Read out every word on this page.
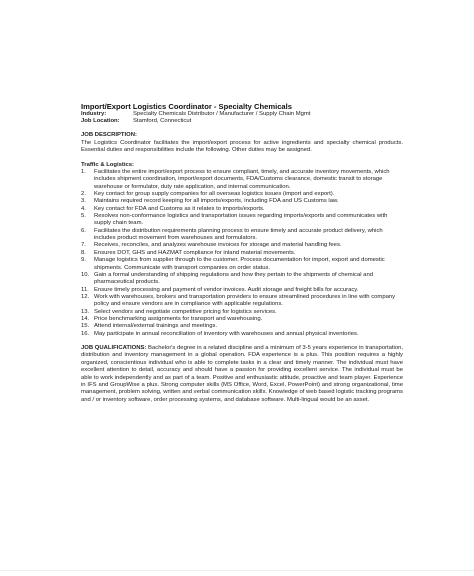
Import/Export Logistics Coordinator - Specialty Chemicals
Industry:	Specialty Chemicals Distributor / Manufacturer / Supply Chain Mgmt
Job Location:	Stamford, Connecticut
JOB DESCRIPTION:
The Logistics Coordinator facilitates the import/export process for active ingredients and specialty chemical products. Essential duties and responsibilities include the following. Other duties may be assigned.
Traffic & Logistics:
1.	Facilitates the entire import/export process to ensure compliant, timely, and accurate inventory movements, which includes shipment coordination, import/export documents, FDA/Customs clearance, domestic transit to storage warehouse or formulator, duty rate application, and internal communication.
2.	Key contact for group supply companies for all overseas logistics issues (import and export).
3.	Maintains required record keeping for all imports/exports, including FDA and US Customs law.
4.	Key contact for FDA and Customs as it relates to imports/exports.
5.	Resolves non-conformance logistics and transportation issues regarding imports/exports and communicates with supply chain team.
6.	Facilitates the distribution requirements planning process to ensure timely and accurate product delivery, which includes product movement from warehouses and formulators.
7.	Receives, reconciles, and analyzes warehouse invoices for storage and material handling fees.
8.	Ensures DOT, GHS and HAZMAT compliance for inland material movements.
9.	Manage logistics from supplier through to the customer. Process documentation for import, export and domestic shipments. Communicate with transport companies on order status.
10. Gain a formal understanding of shipping regulations and how they pertain to the shipments of chemical and pharmaceutical products.
11. Ensure timely processing and payment of vendor invoices. Audit storage and freight bills for accuracy.
12. Work with warehouses, brokers and transportation providers to ensure streamlined procedures in line with company policy and ensure vendors are in compliance with applicable regulations.
13. Select vendors and negotiate competitive pricing for logistics services.
14. Price benchmarking assignments for transport and warehousing.
15. Attend internal/external trainings and meetings.
16. May participate in annual reconciliation of inventory with warehouses and annual physical inventories.
JOB QUALIFICATIONS: Bachelor's degree in a related discipline and a minimum of 3-5 years experience in transportation, distribution and inventory management in a global operation. FDA experience is a plus. This position requires a highly organized, conscientious individual who is able to complete tasks in a clear and timely manner. The individual must have excellent attention to detail, accuracy and should have a passion for providing excellent service. The individual must be able to work independently and as part of a team. Positive and enthusiastic attitude, proactive and team player. Experience in IFS and GroupWise a plus. Strong computer skills (MS Office, Word, Excel, PowerPoint) and strong organizational, time management, problem solving, written and verbal communication skills. Knowledge of web based logistic tracking programs and / or inventory software, order processing systems, and database software. Multi-lingual would be an asset.
